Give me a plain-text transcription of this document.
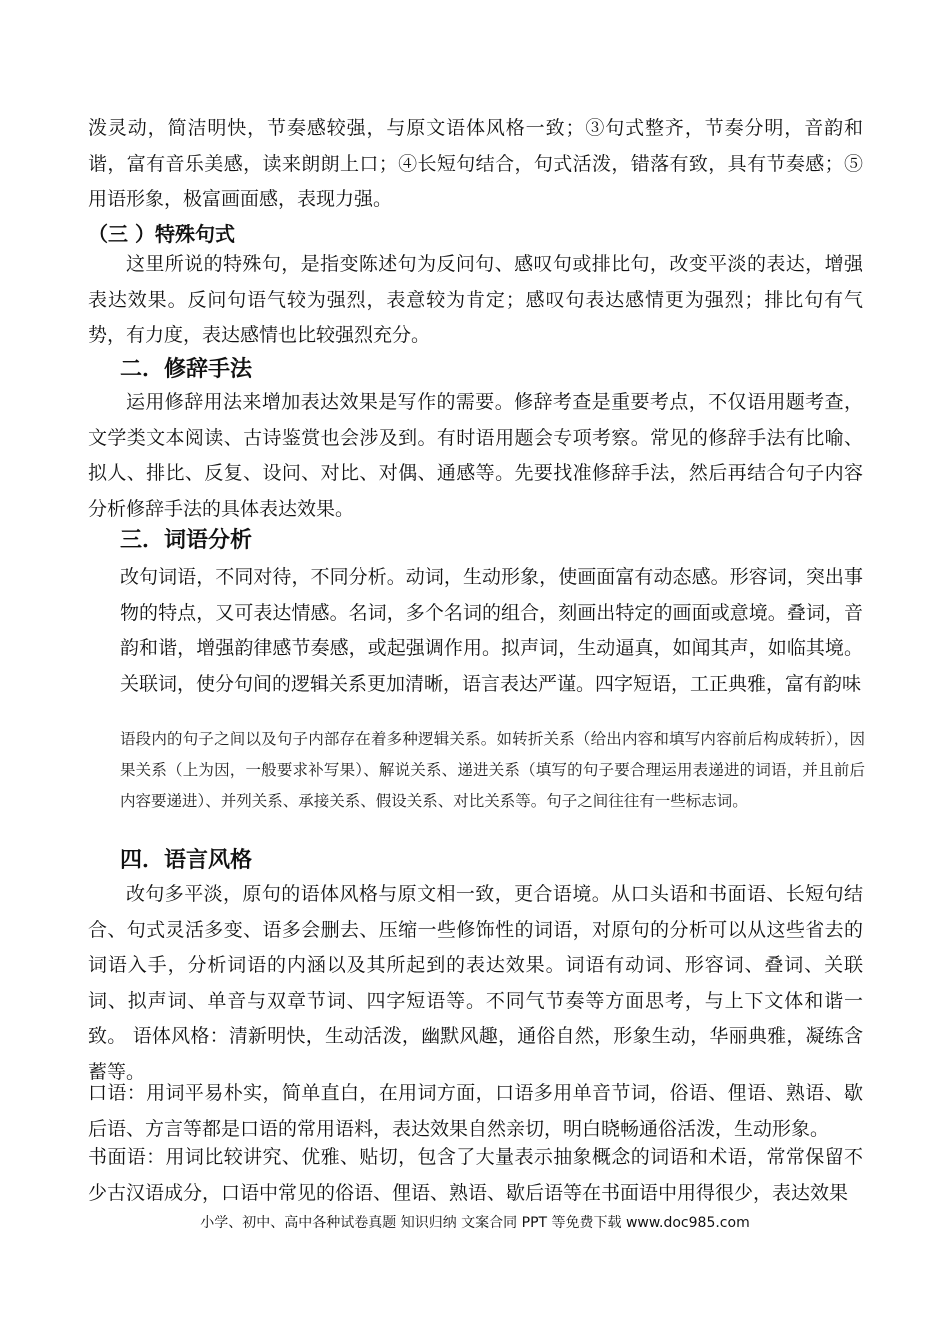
泼灵动，简洁明快，节奏感较强，与原文语体风格一致；③句式整齐，节奏分明，音韵和谐，富有音乐美感，读来朗朗上口；④长短句结合，句式活泼，错落有致，具有节奏感；⑤用语形象，极富画面感，表现力强。

（三 ）特殊句式

这里所说的特殊句，是指变陈述句为反问句、感叹句或排比句，改变平淡的表达，增强表达效果。反问句语气较为强烈，表意较为肯定；感叹句表达感情更为强烈；排比句有气势，有力度，表达感情也比较强烈充分。

二．修辞手法

运用修辞用法来增加表达效果是写作的需要。修辞考查是重要考点，不仅语用题考查，文学类文本阅读、古诗鉴赏也会涉及到。有时语用题会专项考察。常见的修辞手法有比喻、拟人、排比、反复、设问、对比、对偶、通感等。先要找准修辞手法，然后再结合句子内容分析修辞手法的具体表达效果。

三．词语分析

改句词语，不同对待，不同分析。动词，生动形象，使画面富有动态感。形容词，突出事物的特点，又可表达情感。名词，多个名词的组合，刻画出特定的画面或意境。叠词，音韵和谐，增强韵律感节奏感，或起强调作用。拟声词，生动逼真，如闻其声，如临其境。关联词，使分句间的逻辑关系更加清晰，语言表达严谨。四字短语，工正典雅，富有韵味

语段内的句子之间以及句子内部存在着多种逻辑关系。如转折关系（给出内容和填写内容前后构成转折），因果关系（上为因，一般要求补写果）、解说关系、递进关系（填写的句子要合理运用表递进的词语，并且前后内容要递进）、并列关系、承接关系、假设关系、对比关系等。句子之间往往有一些标志词。

四．语言风格

改句多平淡，原句的语体风格与原文相一致，更合语境。从口头语和书面语、长短句结合、句式灵活多变、语多会删去、压缩一些修饰性的词语，对原句的分析可以从这些省去的词语入手，分析词语的内涵以及其所起到的表达效果。词语有动词、形容词、叠词、关联词、拟声词、单音与双章节词、四字短语等。不同气节奏等方面思考，与上下文体和谐一致。 语体风格：清新明快，生动活泼，幽默风趣，通俗自然，形象生动，华丽典雅，凝练含蓄等。

口语：用词平易朴实，简单直白，在用词方面，口语多用单音节词，俗语、俚语、熟语、歇后语、方言等都是口语的常用语料，表达效果自然亲切，明白晓畅通俗活泼，生动形象。

书面语：用词比较讲究、优雅、贴切，包含了大量表示抽象概念的词语和术语，常常保留不少古汉语成分，口语中常见的俗语、俚语、熟语、歇后语等在书面语中用得很少，表达效果

小学、初中、高中各种试卷真题 知识归纳 文案合同 PPT 等免费下载 www.doc985.com
